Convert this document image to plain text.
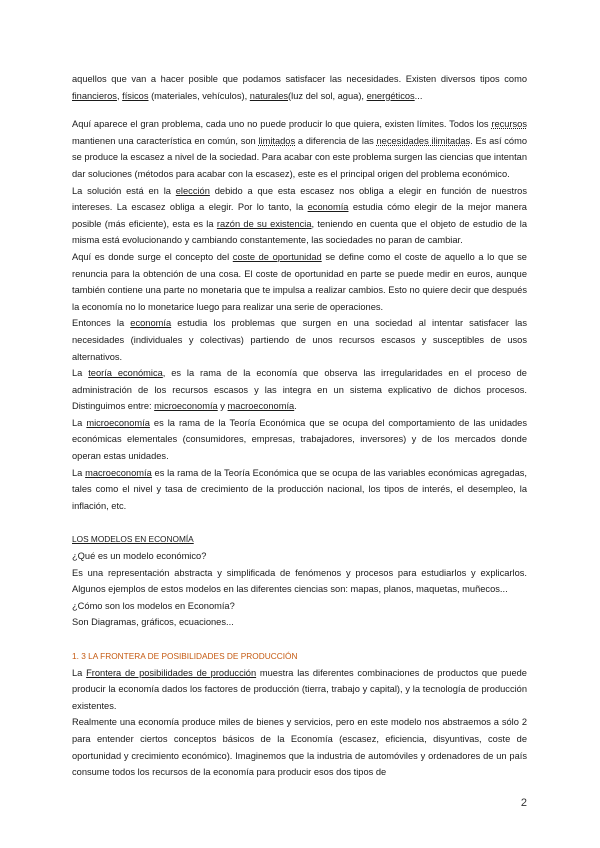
aquellos que van a hacer posible que podamos satisfacer las necesidades. Existen diversos tipos como financieros, físicos (materiales, vehículos), naturales(luz del sol, agua), energéticos...

Aquí aparece el gran problema, cada uno no puede producir lo que quiera, existen límites. Todos los recursos mantienen una característica en común, son limitados a diferencia de las necesidades ilimitadas. Es así cómo se produce la escasez a nivel de la sociedad. Para acabar con este problema surgen las ciencias que intentan dar soluciones (métodos para acabar con la escasez), este es el principal origen del problema económico.

La solución está en la elección debido a que esta escasez nos obliga a elegir en función de nuestros intereses. La escasez obliga a elegir. Por lo tanto, la economía estudia cómo elegir de la mejor manera posible (más eficiente), esta es la razón de su existencia, teniendo en cuenta que el objeto de estudio de la misma está evolucionando y cambiando constantemente, las sociedades no paran de cambiar.

Aquí es donde surge el concepto del coste de oportunidad se define como el coste de aquello a lo que se renuncia para la obtención de una cosa. El coste de oportunidad en parte se puede medir en euros, aunque también contiene una parte no monetaria que te impulsa a realizar cambios. Esto no quiere decir que después la economía no lo monetarice luego para realizar una serie de operaciones.

Entonces la economía estudia los problemas que surgen en una sociedad al intentar satisfacer las necesidades (individuales y colectivas) partiendo de unos recursos escasos y susceptibles de usos alternativos.

La teoría económica, es la rama de la economía que observa las irregularidades en el proceso de administración de los recursos escasos y las integra en un sistema explicativo de dichos procesos. Distinguimos entre: microeconomía y macroeconomía.

La microeconomía es la rama de la Teoría Económica que se ocupa del comportamiento de las unidades económicas elementales (consumidores, empresas, trabajadores, inversores) y de los mercados donde operan estas unidades.

La macroeconomía es la rama de la Teoría Económica que se ocupa de las variables económicas agregadas, tales como el nivel y tasa de crecimiento de la producción nacional, los tipos de interés, el desempleo, la inflación, etc.

LOS MODELOS EN ECONOMÍA

¿Qué es un modelo económico?

Es una representación abstracta y simplificada de fenómenos y procesos para estudiarlos y explicarlos. Algunos ejemplos de estos modelos en las diferentes ciencias son: mapas, planos, maquetas, muñecos...

¿Cómo son los modelos en Economía?

Son Diagramas, gráficos, ecuaciones...

1. 3 LA FRONTERA DE POSIBILIDADES DE PRODUCCIÓN

La Frontera de posibilidades de producción muestra las diferentes combinaciones de productos que puede producir la economía dados los factores de producción (tierra, trabajo y capital), y la tecnología de producción existentes.

Realmente una economía produce miles de bienes y servicios, pero en este modelo nos abstraemos a sólo 2 para entender ciertos conceptos básicos de la Economía (escasez, eficiencia, disyuntivas, coste de oportunidad y crecimiento económico). Imaginemos que la industria de automóviles y ordenadores de un país consume todos los recursos de la economía para producir esos dos tipos de

2
